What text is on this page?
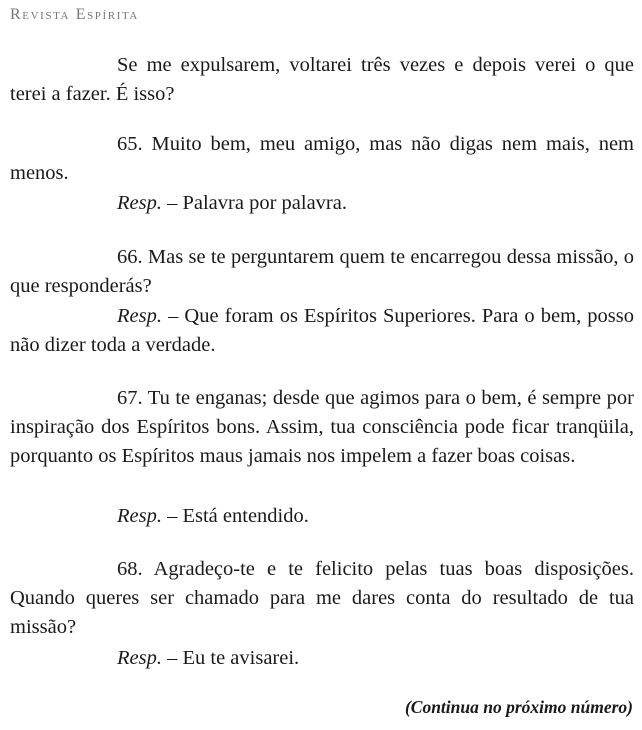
Revista Espírita

Se me expulsarem, voltarei três vezes e depois verei o que terei a fazer. É isso?

65. Muito bem, meu amigo, mas não digas nem mais, nem menos.

Resp. – Palavra por palavra.

66. Mas se te perguntarem quem te encarregou dessa missão, o que responderás?

Resp. – Que foram os Espíritos Superiores. Para o bem, posso não dizer toda a verdade.

67. Tu te enganas; desde que agimos para o bem, é sempre por inspiração dos Espíritos bons. Assim, tua consciência pode ficar tranqüila, porquanto os Espíritos maus jamais nos impelem a fazer boas coisas.

Resp. – Está entendido.

68. Agradeço-te e te felicito pelas tuas boas disposições. Quando queres ser chamado para me dares conta do resultado de tua missão?

Resp. – Eu te avisarei.

(Continua no próximo número)
